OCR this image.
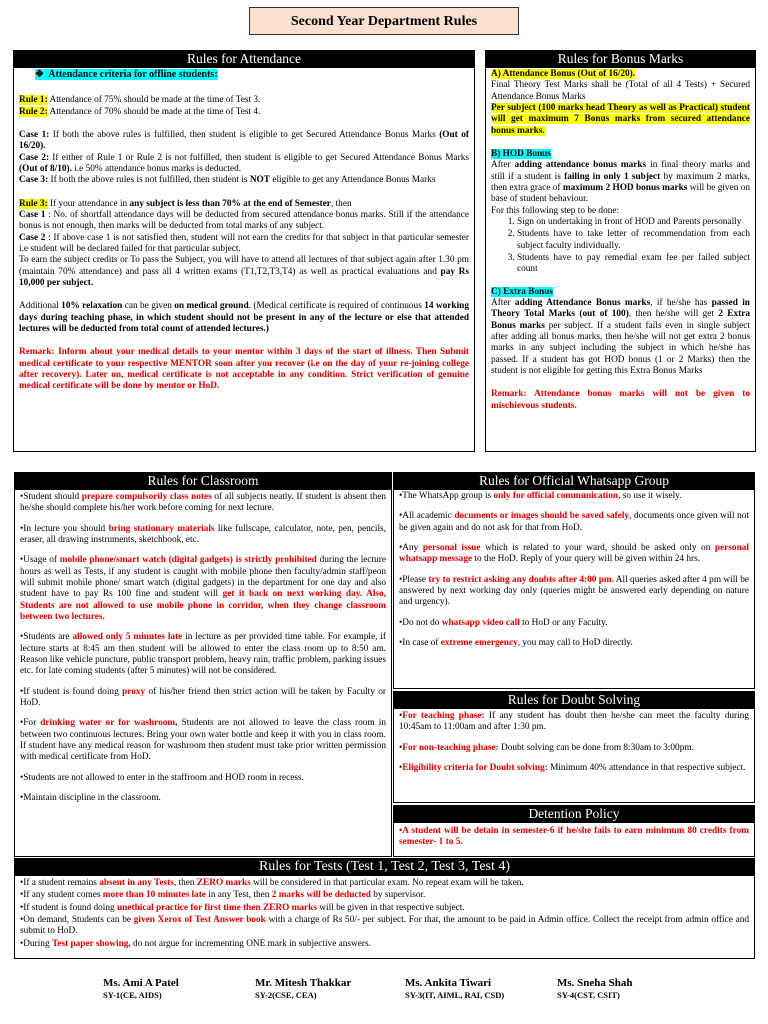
Second Year Department Rules
Rules for Attendance
❖  Attendance criteria for offline students:
Rule 1: Attendance of 75% should be made at the time of Test 3.
Rule 2: Attendance of 70% should be made at the time of Test 4.
Case 1: If both the above rules is fulfilled, then student is eligible to get Secured Attendance Bonus Marks (Out of 16/20).
Case 2: If either of Rule 1 or Rule 2 is not fulfilled, then student is eligible to get Secured Attendance Bonus Marks (Out of 8/10). i.e 50% attendance bonus marks is deducted.
Case 3: If both the above rules is not fulfilled, then student is NOT eligible to get any Attendance Bonus Marks
Rule 3: If your attendance in any subject is less than 70% at the end of Semester, then
Case 1 : No. of shortfall attendance days will be deducted from secured attendance bonus marks. Still if the attendance bonus is not enough, then marks will be deducted from total marks of any subject.
Case 2 : If above case 1 is not satisfied then, student will not earn the credits for that subject in that particular semester i.e student will be declared failed for that particular subject.
To earn the subject credits or To pass the Subject, you will have to attend all lectures of that subject again after 1.30 pm (maintain 70% attendance) and pass all 4 written exams (T1,T2,T3,T4) as well as practical evaluations and pay Rs 10,000 per subject.
Additional 10% relaxation can be given on medical ground. (Medical certificate is required of continuous 14 working days during teaching phase, in which student should not be present in any of the lecture or else that attended lectures will be deducted from total count of attended lectures.)
Remark: Inform about your medical details to your mentor within 3 days of the start of illness. Then Submit medical certificate to your respective MENTOR soon after you recover (i.e on the day of your re-joining college after recovery). Later on, medical certificate is not acceptable in any condition. Strict verification of genuine medical certificate will be done by mentor or HoD.
Rules for Bonus Marks
A) Attendance Bonus (Out of 16/20).
Final Theory Test Marks shall be (Total of all 4 Tests) + Secured Attendance Bonus Marks
Per subject (100 marks head Theory as well as Practical) student will get maximum 7 Bonus marks from secured attendance bonus marks.
B) HOD Bonus
After adding attendance bonus marks in final theory marks and still if a student is failing in only 1 subject by maximum 2 marks, then extra grace of maximum 2 HOD bonus marks will be given on base of student behaviour.
For this following step to be done:
1. Sign on undertaking in front of HOD and Parents personally
2. Students have to take letter of recommendation from each subject faculty individually.
3. Students have to pay remedial exam fee per failed subject count
C) Extra Bonus
After adding Attendance Bonus marks, if he/she has passed in Theory Total Marks (out of 100), then he/she will get 2 Extra Bonus marks per subject. If a student fails even in single subject after adding all bonus marks, then he/she will not get extra 2 bonus marks in any subject including the subject in which he/she has passed. If a student has got HOD bonus (1 or 2 Marks) then the student is not eligible for getting this Extra Bonus Marks
Remark: Attendance bonus marks will not be given to mischievous students.
Rules for Classroom
• Student should prepare compulsorily class notes of all subjects neatly. If student is absent then he/she should complete his/her work before coming for next lecture.
• In lecture you should bring stationary materials like fullscape, calculator, note, pen, pencils, eraser, all drawing instruments, sketchbook, etc.
• Usage of mobile phone/smart watch (digital gadgets) is strictly prohibited during the lecture hours as well as Tests, if any student is caught with mobile phone then faculty/admin staff/peon will submit mobile phone/ smart watch (digital gadgets) in the department for one day and also student have to pay Rs 100 fine and student will get it back on next working day. Also, Students are not allowed to use mobile phone in corridor, when they change classroom between two lectures.
• Students are allowed only 5 minutes late in lecture as per provided time table. For example, if lecture starts at 8:45 am then student will be allowed to enter the class room up to 8:50 am. Reason like vehicle puncture, public transport problem, heavy rain, traffic problem, parking issues etc. for late coming students (after 5 minutes) will not be considered.
• If student is found doing proxy of his/her friend then strict action will be taken by Faculty or HoD.
• For drinking water or for washroom, Students are not allowed to leave the class room in between two continuous lectures. Bring your own water bottle and keep it with you in class room. If student have any medical reason for washroom then student must take prior written permission with medical certificate from HoD.
• Students are not allowed to enter in the staffroom and HOD room in recess.
• Maintain discipline in the classroom.
Rules for Official Whatsapp Group
• The WhatsApp group is only for official communication, so use it wisely.
• All academic documents or images should be saved safely, documents once given will not be given again and do not ask for that from HoD.
• Any personal issue which is related to your ward, should be asked only on personal whatsapp message to the HoD. Reply of your query will be given within 24 hrs.
• Please try to restrict asking any doubts after 4:00 pm. All queries asked after 4 pm will be answered by next working day only (queries might be answered early depending on nature and urgency).
• Do not do whatsapp video call to HoD or any Faculty.
• In case of extreme emergency, you may call to HoD directly.
Rules for Doubt Solving
• For teaching phase: If any student has doubt then he/she can meet the faculty during 10:45am to 11:00am and after 1:30 pm.
• For non-teaching phase: Doubt solving can be done from 8:30am to 3:00pm.
• Eligibility criteria for Doubt solving: Minimum 40% attendance in that respective subject.
Detention Policy
• A student will be detain in semester-6 if he/she fails to earn minimum 80 credits from semester- 1 to 5.
Rules for Tests (Test 1, Test 2, Test 3, Test 4)
• If a student remains absent in any Tests, then ZERO marks will be considered in that particular exam. No repeat exam will be taken.
• If any student comes more than 10 minutes late in any Test, then 2 marks will be deducted by supervisor.
• If student is found doing unethical practice for first time then ZERO marks will be given in that respective subject.
• On demand, Students can be given Xerox of Test Answer book with a charge of Rs 50/- per subject. For that, the amount to be paid in Admin office. Collect the receipt from admin office and submit to HoD.
• During Test paper showing, do not argue for incrementing ONE mark in subjective answers.
Ms. Ami A Patel
SY-1(CE, AIDS)
Mr. Mitesh Thakkar
SY-2(CSE, CEA)
Ms. Ankita Tiwari
SY-3(IT, AIML, RAI, CSD)
Ms. Sneha Shah
SY-4(CST, CSIT)
